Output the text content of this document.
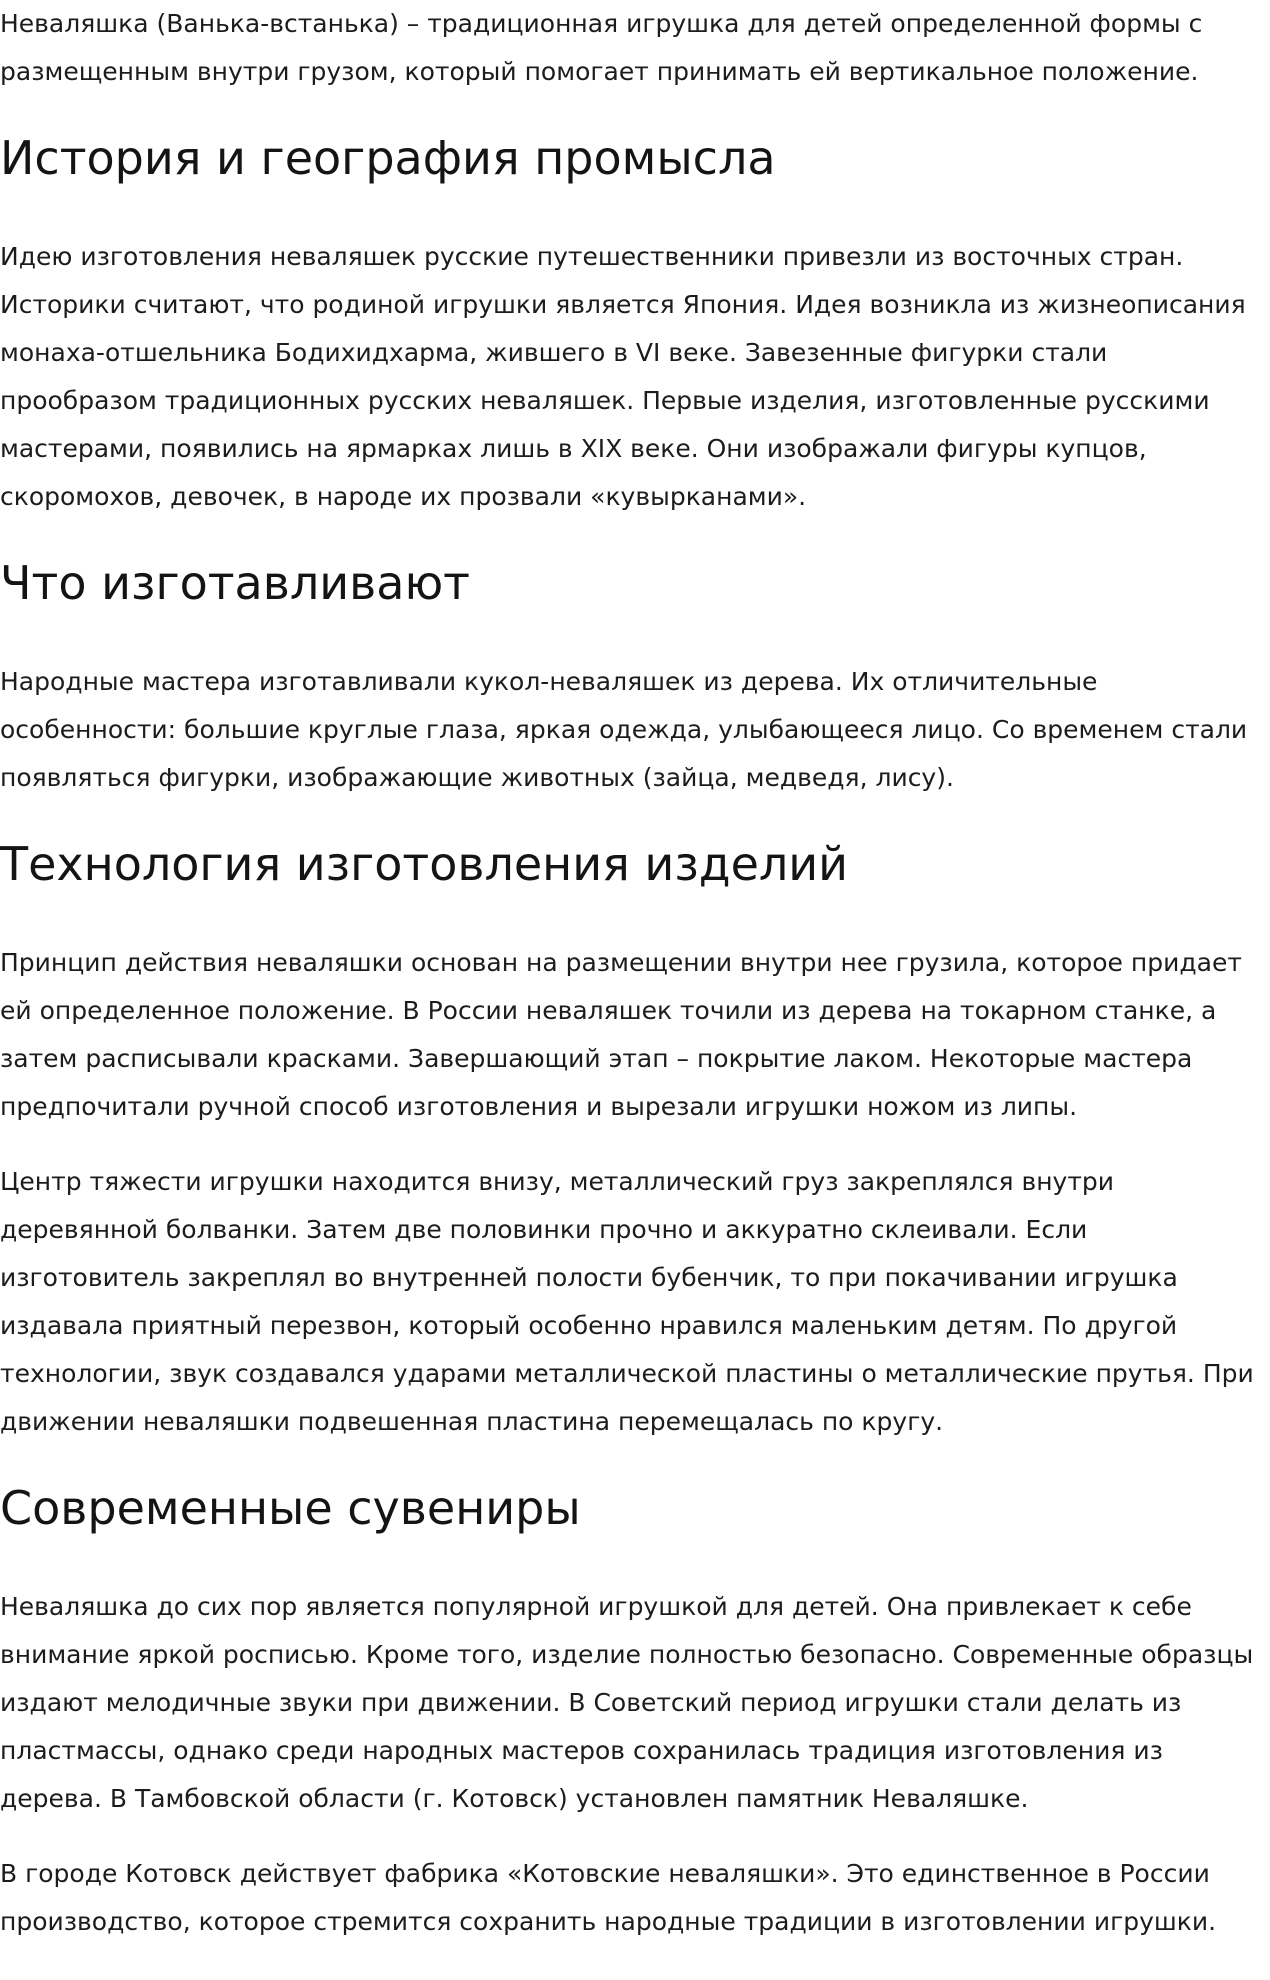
Неваляшка (Ванька-встанька) – традиционная игрушка для детей определенной формы с размещенным внутри грузом, который помогает принимать ей вертикальное положение.

История и география промысла

Идею изготовления неваляшек русские путешественники привезли из восточных стран. Историки считают, что родиной игрушки является Япония. Идея возникла из жизнеописания монаха-отшельника Бодихидхарма, жившего в VI веке. Завезенные фигурки стали прообразом традиционных русских неваляшек. Первые изделия, изготовленные русскими мастерами, появились на ярмарках лишь в XIX веке. Они изображали фигуры купцов, скоромохов, девочек, в народе их прозвали «кувырканами».

Что изготавливают

Народные мастера изготавливали кукол-неваляшек из дерева. Их отличительные особенности: большие круглые глаза, яркая одежда, улыбающееся лицо. Со временем стали появляться фигурки, изображающие животных (зайца, медведя, лису).

Технология изготовления изделий

Принцип действия неваляшки основан на размещении внутри нее грузила, которое придает ей определенное положение. В России неваляшек точили из дерева на токарном станке, а затем расписывали красками. Завершающий этап – покрытие лаком. Некоторые мастера предпочитали ручной способ изготовления и вырезали игрушки ножом из липы.

Центр тяжести игрушки находится внизу, металлический груз закреплялся внутри деревянной болванки. Затем две половинки прочно и аккуратно склеивали. Если изготовитель закреплял во внутренней полости бубенчик, то при покачивании игрушка издавала приятный перезвон, который особенно нравился маленьким детям. По другой технологии, звук создавался ударами металлической пластины о металлические прутья. При движении неваляшки подвешенная пластина перемещалась по кругу.

Современные сувениры

Неваляшка до сих пор является популярной игрушкой для детей. Она привлекает к себе внимание яркой росписью. Кроме того, изделие полностью безопасно. Современные образцы издают мелодичные звуки при движении. В Советский период игрушки стали делать из пластмассы, однако среди народных мастеров сохранилась традиция изготовления из дерева. В Тамбовской области (г. Котовск) установлен памятник Неваляшке.

В городе Котовск действует фабрика «Котовские неваляшки». Это единственное в России производство, которое стремится сохранить народные традиции в изготовлении игрушки.
